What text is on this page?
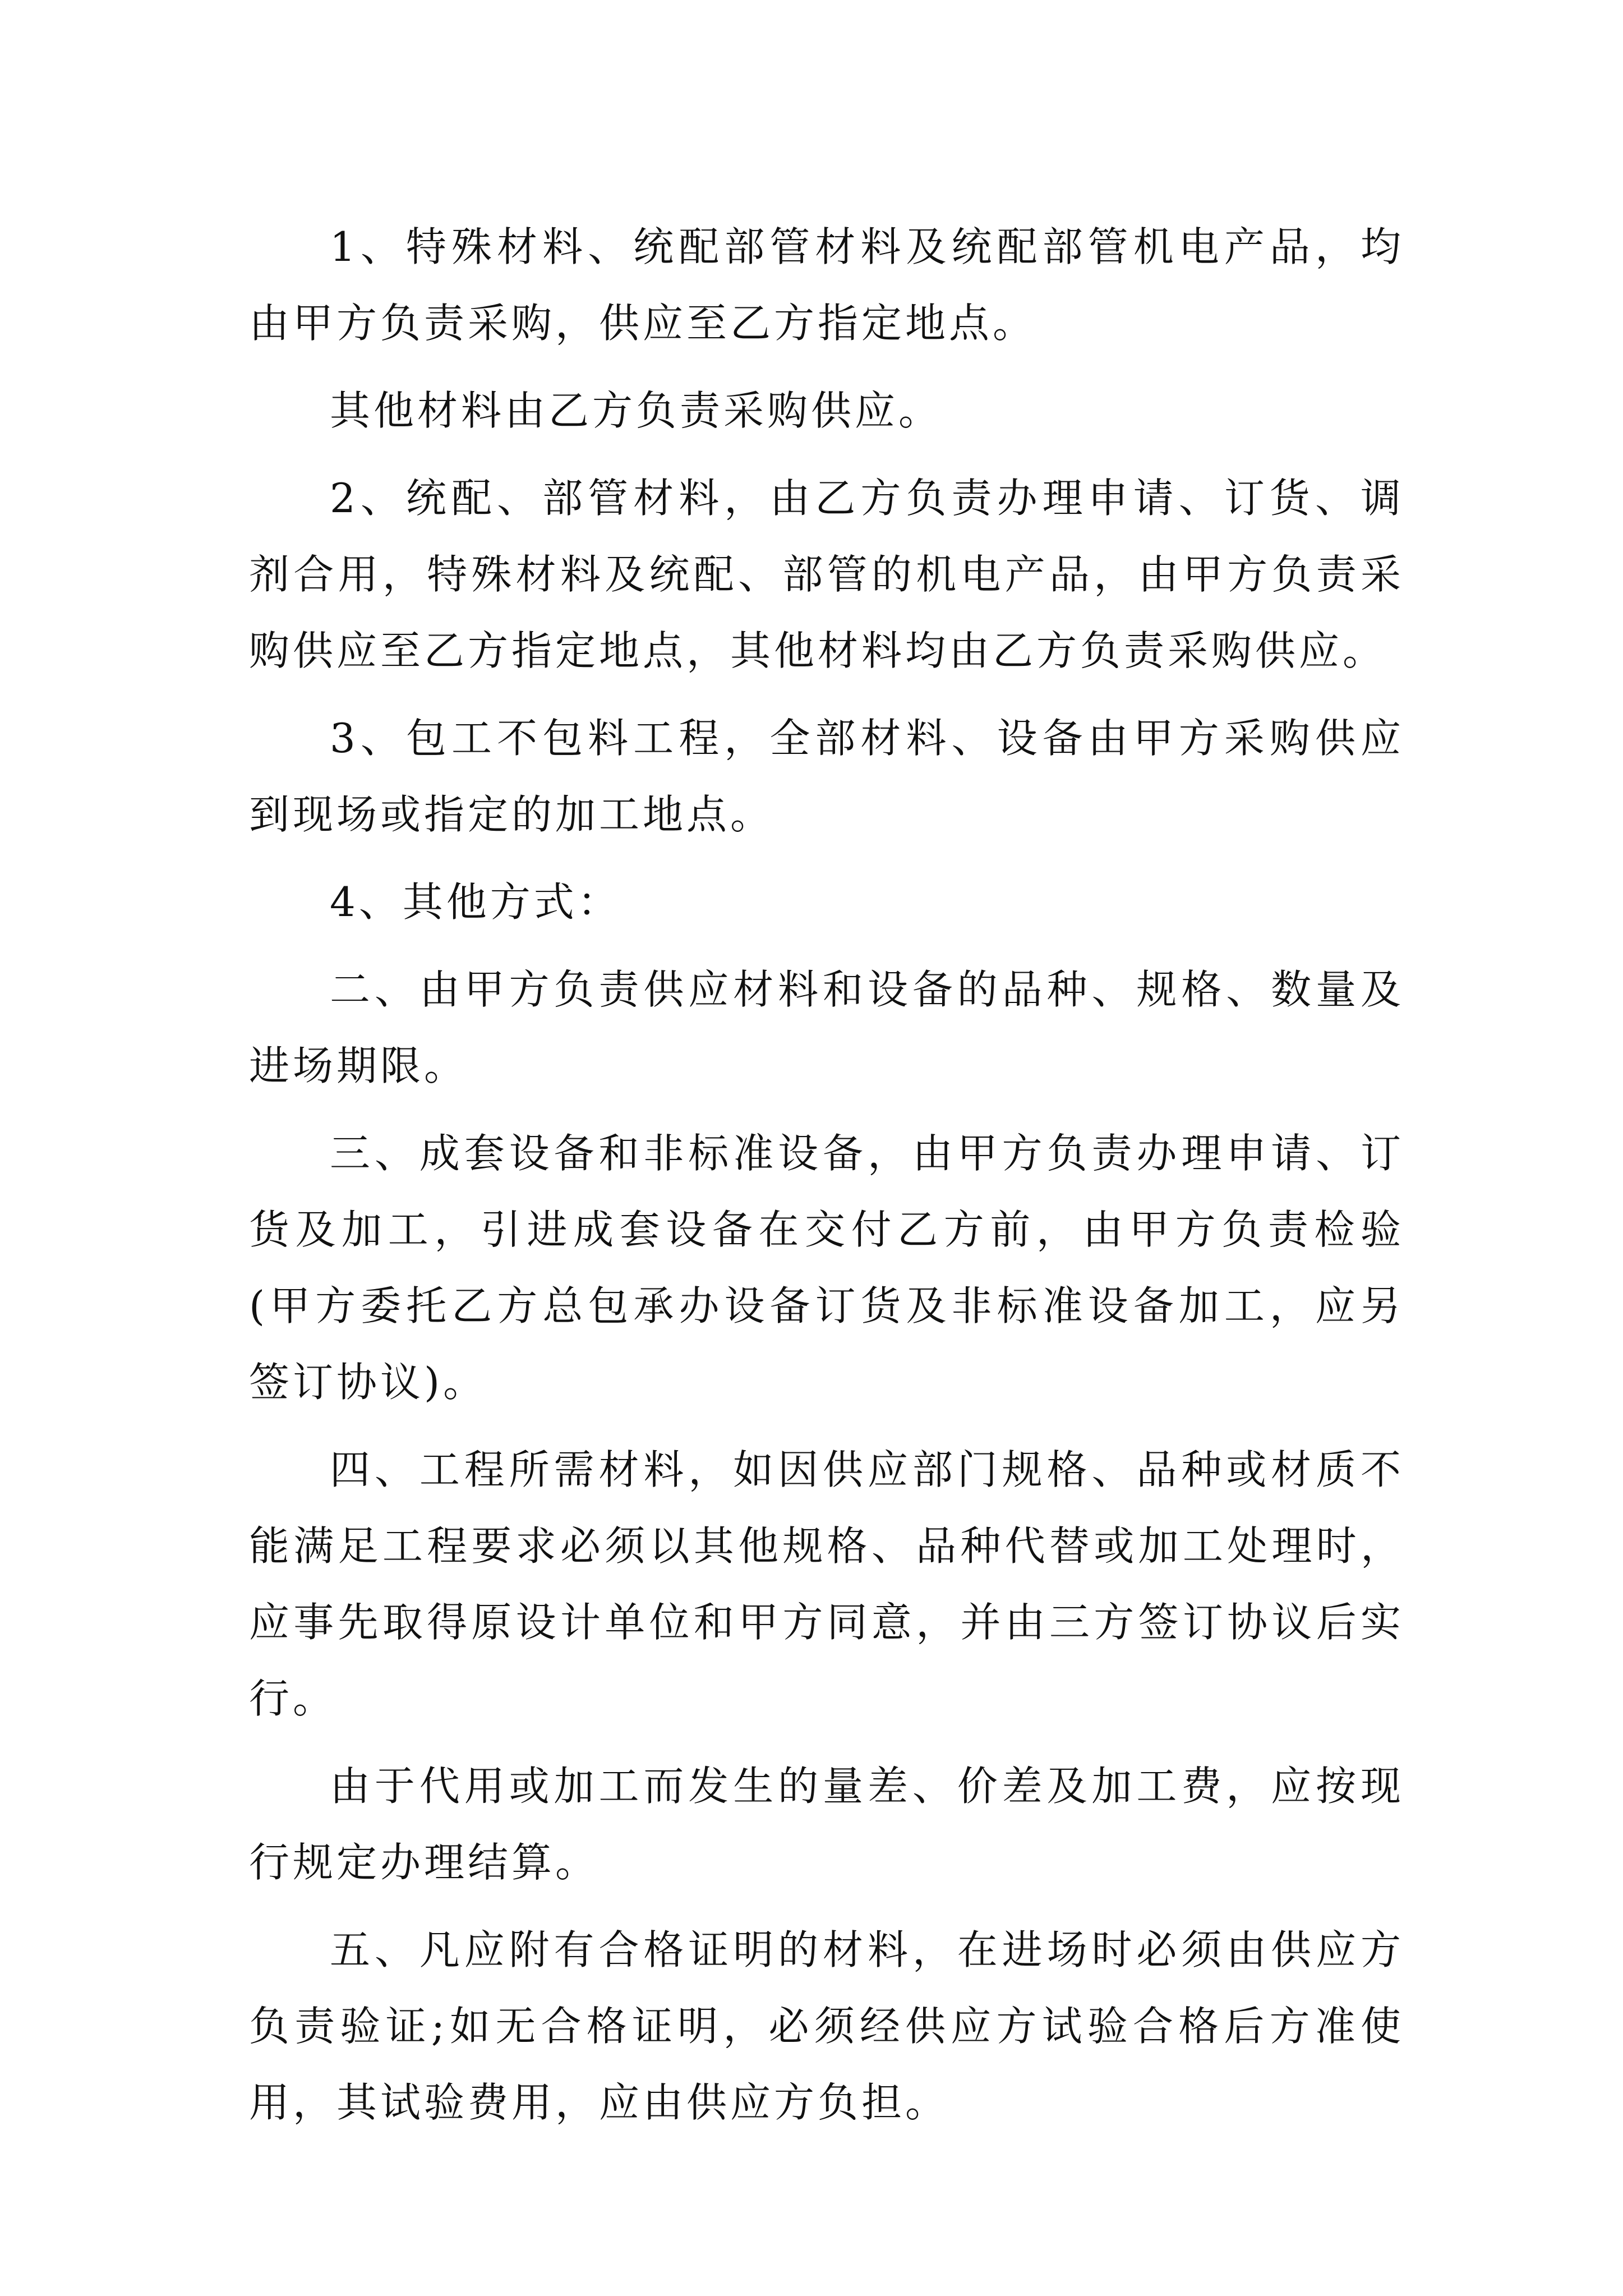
1、特殊材料、统配部管材料及统配部管机电产品，均由甲方负责采购，供应至乙方指定地点。

其他材料由乙方负责采购供应。

2、统配、部管材料，由乙方负责办理申请、订货、调剂合用，特殊材料及统配、部管的机电产品，由甲方负责采购供应至乙方指定地点，其他材料均由乙方负责采购供应。

3、包工不包料工程，全部材料、设备由甲方采购供应到现场或指定的加工地点。

4、其他方式：

二、由甲方负责供应材料和设备的品种、规格、数量及进场期限。

三、成套设备和非标准设备，由甲方负责办理申请、订货及加工，引进成套设备在交付乙方前，由甲方负责检验(甲方委托乙方总包承办设备订货及非标准设备加工，应另签订协议)。

四、工程所需材料，如因供应部门规格、品种或材质不能满足工程要求必须以其他规格、品种代替或加工处理时，应事先取得原设计单位和甲方同意，并由三方签订协议后实行。

由于代用或加工而发生的量差、价差及加工费，应按现行规定办理结算。

五、凡应附有合格证明的材料，在进场时必须由供应方负责验证;如无合格证明，必须经供应方试验合格后方准使用，其试验费用，应由供应方负担。
